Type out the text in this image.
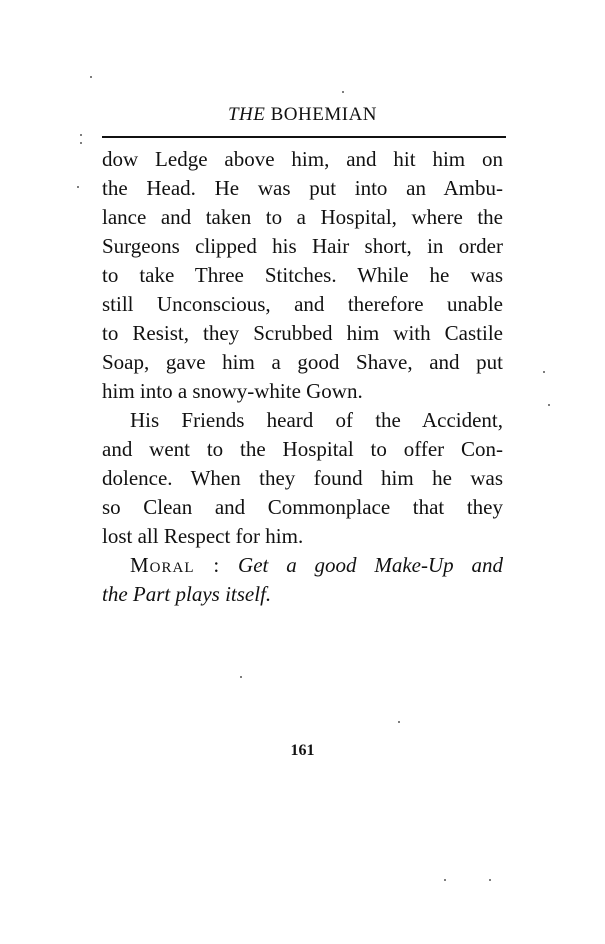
THE BOHEMIAN
dow Ledge above him, and hit him on
the Head. He was put into an Ambu-
lance and taken to a Hospital, where the
Surgeons clipped his Hair short, in order
to take Three Stitches. While he was
still Unconscious, and therefore unable
to Resist, they Scrubbed him with Castile
Soap, gave him a good Shave, and put
him into a snowy-white Gown.
His Friends heard of the Accident,
and went to the Hospital to offer Con-
dolence. When they found him he was
so Clean and Commonplace that they
lost all Respect for him.
Moral : Get a good Make-Up and
the Part plays itself.
161
